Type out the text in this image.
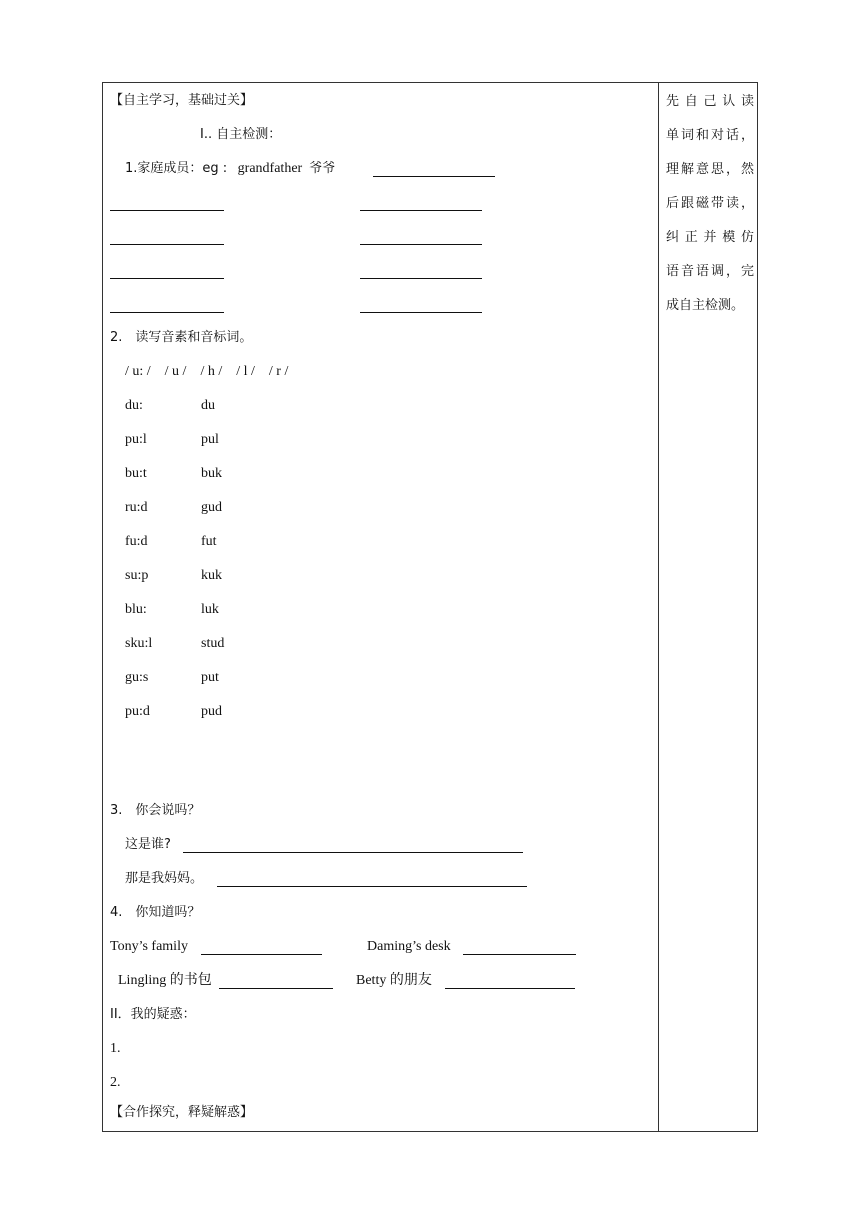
【自主学习，基础过关】
I.. 自主检测：
1.家庭成员：eg : grandfather 爷爷
2.　读写音素和音标词。
/ u: /    / u /    / h /    / l /    / r /
du:	du
pu:l	pul
bu:t	buk
ru:d	gud
fu:d	fut
su:p	kuk
blu:	luk
sku:l	stud
gu:s	put
pu:d	pud
3.　你会说吗？
这是谁?
那是我妈妈。
4.　你知道吗？
Tony’s family	Daming’s desk
Lingling 的书包	Betty 的朋友
II．我的疑惑：
1.
2.
【合作探究，释疑解惑】
先自己认读
单词和对话，
理解意思，然
后跟磁带读，
纠正并模仿
语音语调，完
成自主检测。
